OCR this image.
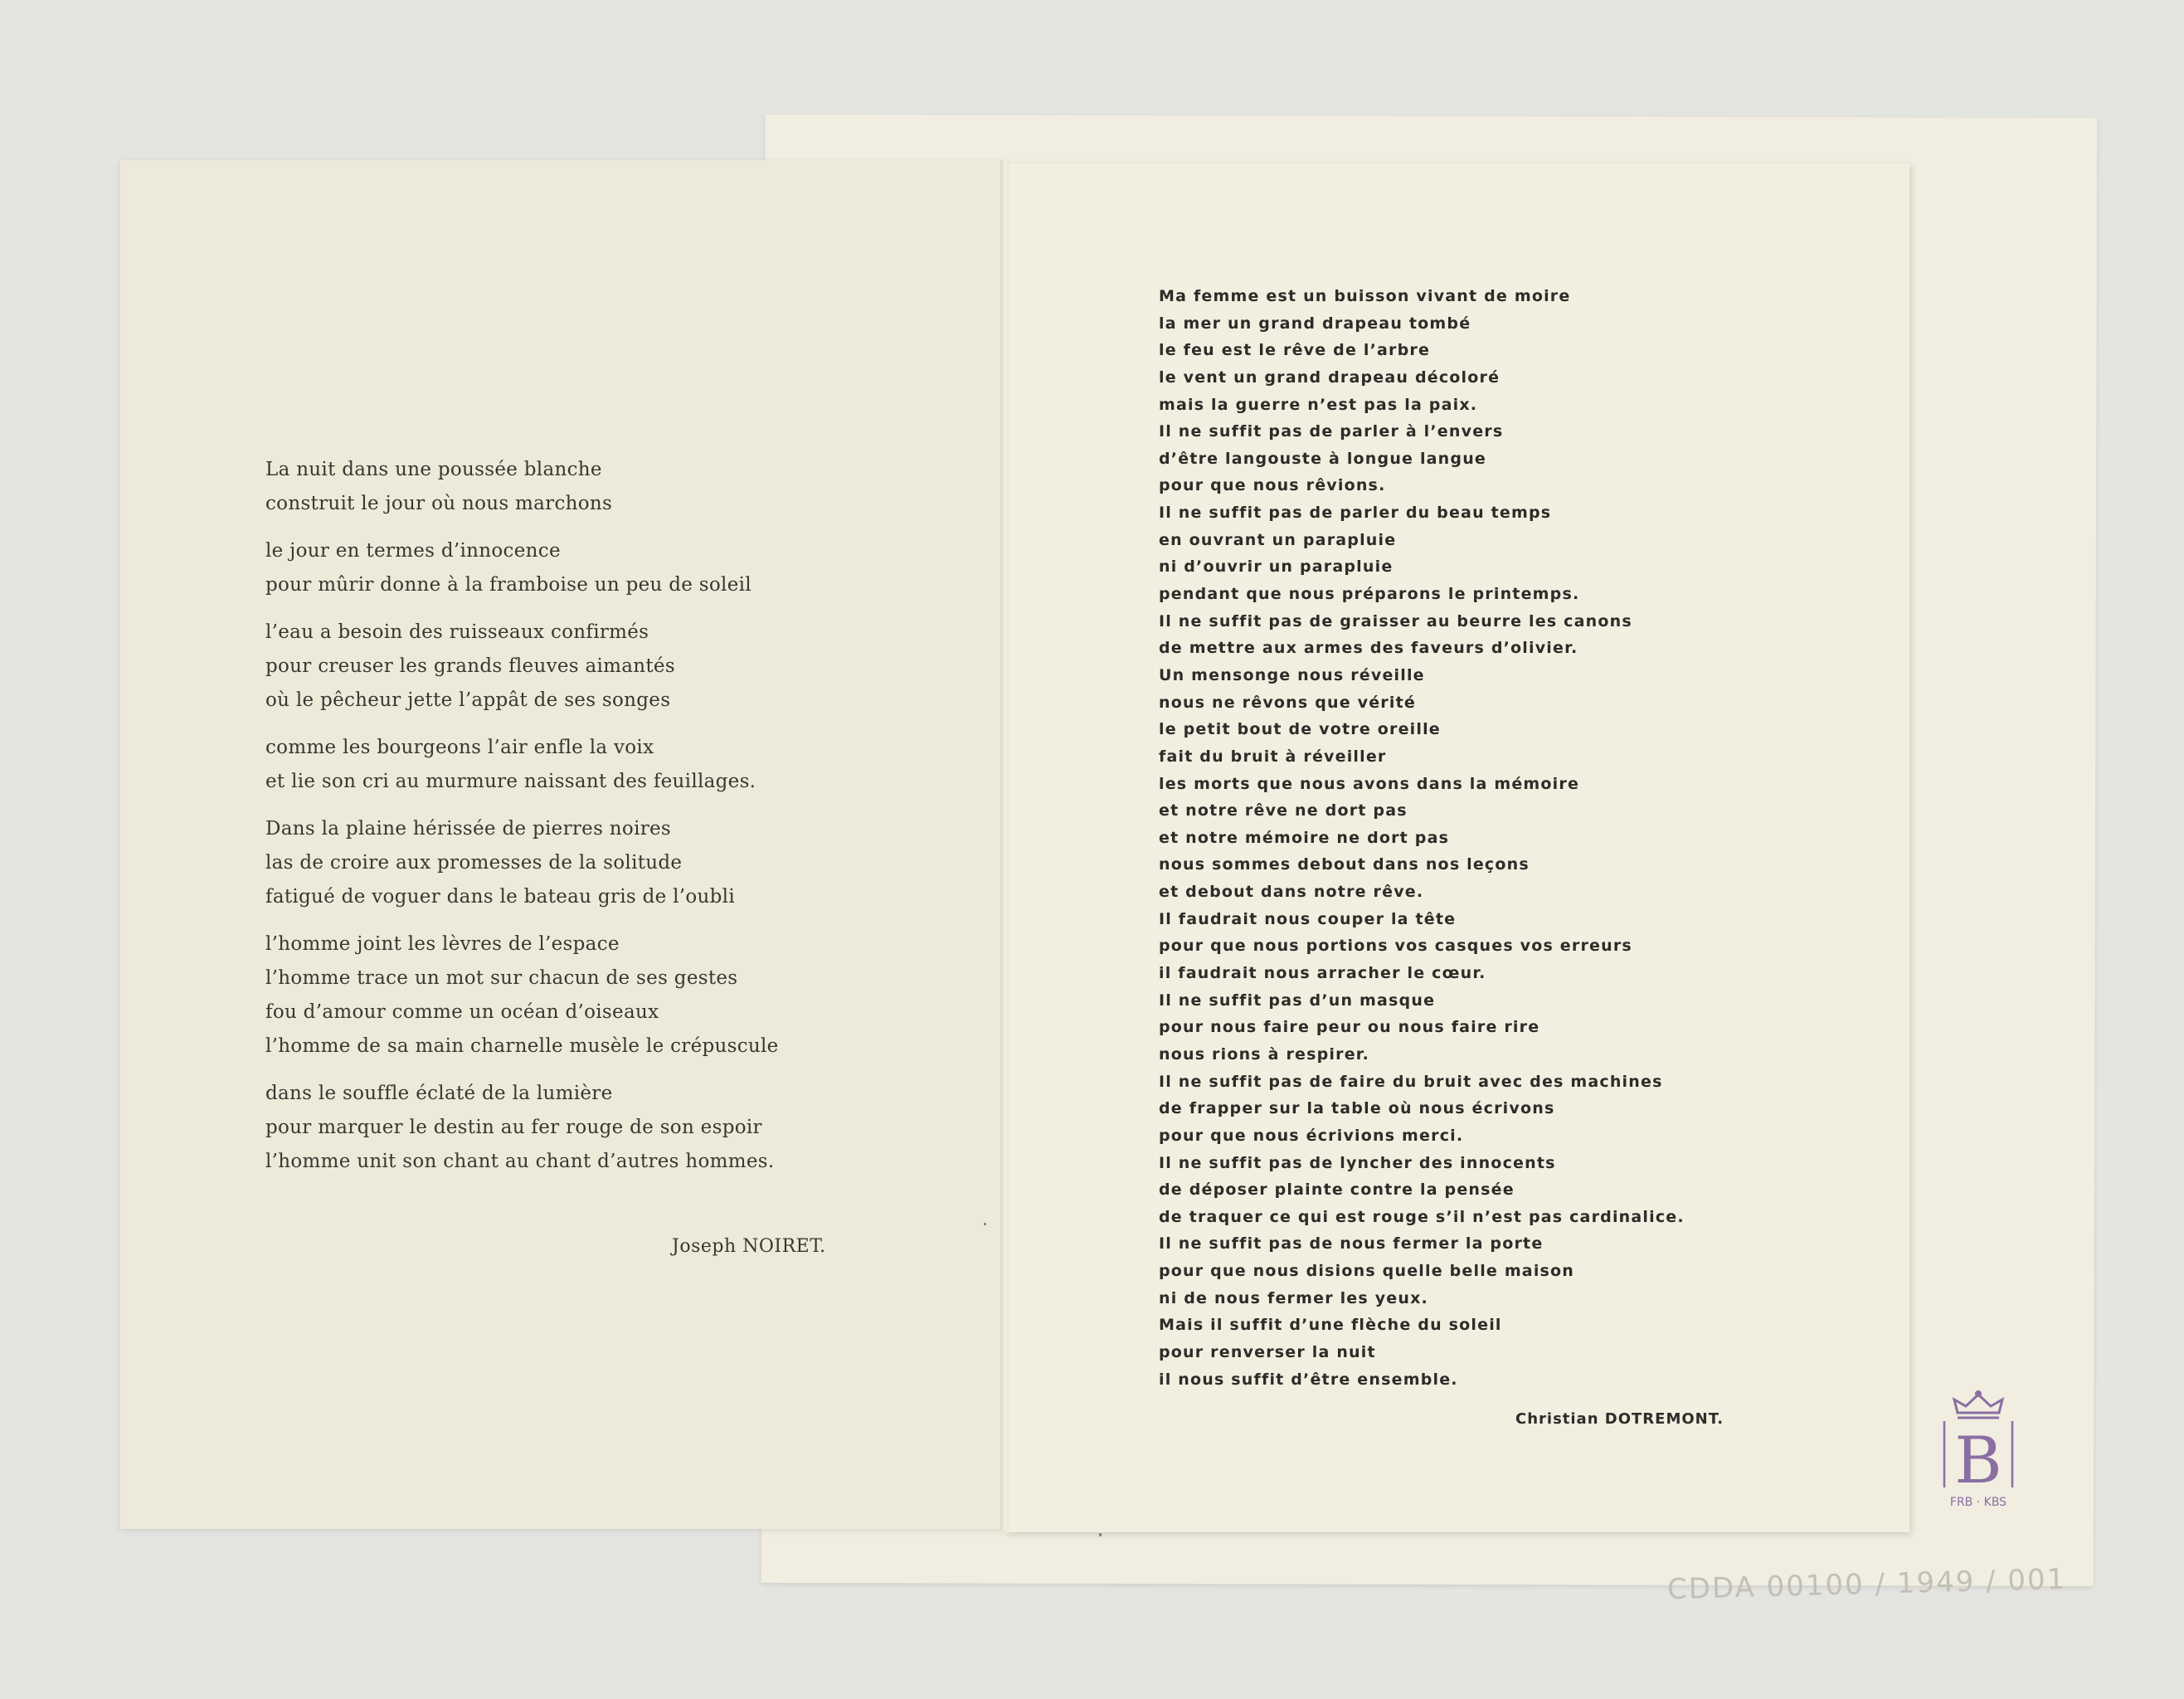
La nuit dans une poussée blanche
construit le jour où nous marchons
le jour en termes d’innocence
pour mûrir donne à la framboise un peu de soleil
l’eau a besoin des ruisseaux confirmés
pour creuser les grands fleuves aimantés
où le pêcheur jette l’appât de ses songes
comme les bourgeons l’air enfle la voix
et lie son cri au murmure naissant des feuillages.
Dans la plaine hérissée de pierres noires
las de croire aux promesses de la solitude
fatigué de voguer dans le bateau gris de l’oubli
l’homme joint les lèvres de l’espace
l’homme trace un mot sur chacun de ses gestes
fou d’amour comme un océan d’oiseaux
l’homme de sa main charnelle musèle le crépuscule
dans le souffle éclaté de la lumière
pour marquer le destin au fer rouge de son espoir
l’homme unit son chant au chant d’autres hommes.
Joseph NOIRET.
Ma femme est un buisson vivant de moire
la mer un grand drapeau tombé
le feu est le rêve de l’arbre
le vent un grand drapeau décoloré
mais la guerre n’est pas la paix.
Il ne suffit pas de parler à l’envers
d’être langouste à longue langue
pour que nous rêvions.
Il ne suffit pas de parler du beau temps
en ouvrant un parapluie
ni d’ouvrir un parapluie
pendant que nous préparons le printemps.
Il ne suffit pas de graisser au beurre les canons
de mettre aux armes des faveurs d’olivier.
Un mensonge nous réveille
nous ne rêvons que vérité
le petit bout de votre oreille
fait du bruit à réveiller
les morts que nous avons dans la mémoire
et notre rêve ne dort pas
et notre mémoire ne dort pas
nous sommes debout dans nos leçons
et debout dans notre rêve.
Il faudrait nous couper la tête
pour que nous portions vos casques vos erreurs
il faudrait nous arracher le cœur.
Il ne suffit pas d’un masque
pour nous faire peur ou nous faire rire
nous rions à respirer.
Il ne suffit pas de faire du bruit avec des machines
de frapper sur la table où nous écrivons
pour que nous écrivions merci.
Il ne suffit pas de lyncher des innocents
de déposer plainte contre la pensée
de traquer ce qui est rouge s’il n’est pas cardinalice.
Il ne suffit pas de nous fermer la porte
pour que nous disions quelle belle maison
ni de nous fermer les yeux.
Mais il suffit d’une flèche du soleil
pour renverser la nuit
il nous suffit d’être ensemble.
Christian DOTREMONT.
B
FRB · KBS
CDDA 00100 / 1949 / 001
